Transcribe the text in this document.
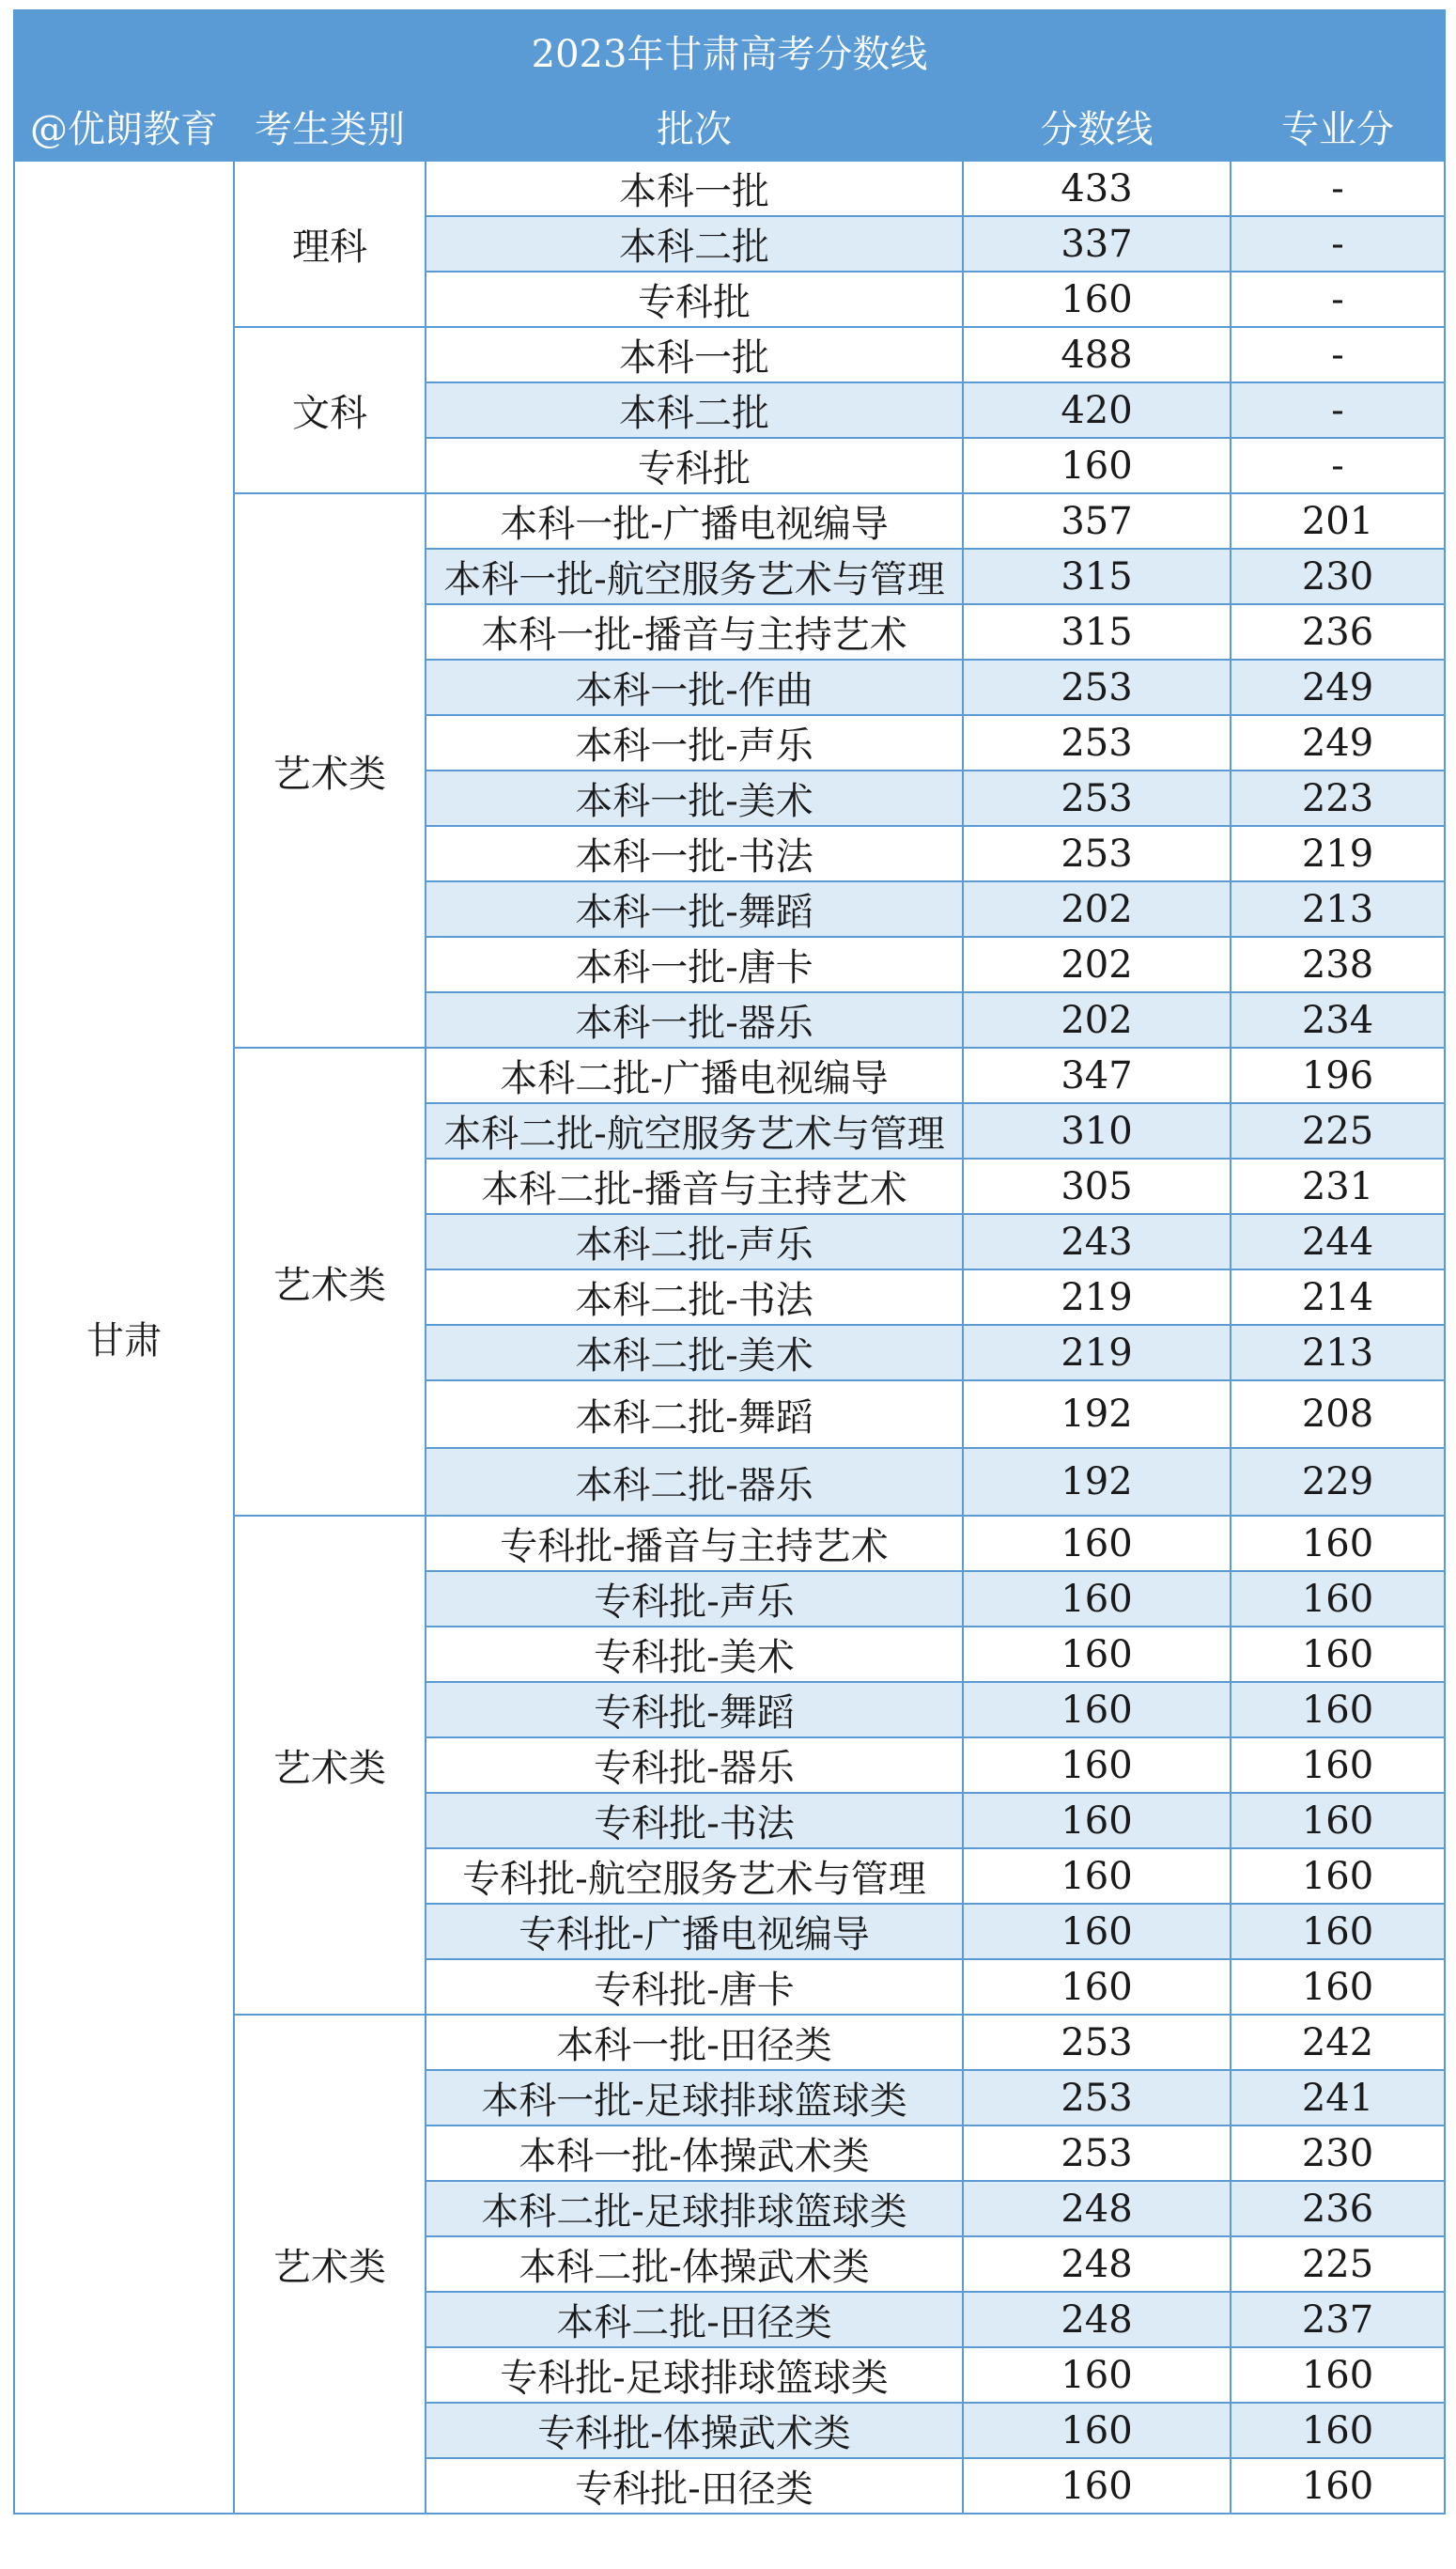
2023年甘肃高考分数线				
@优朗教育	考生类别	批次	分数线	专业分
甘肃	理科	本科一批	433	-
		本科二批	337	-
		专科批	160	-
	文科	本科一批	488	-
		本科二批	420	-
		专科批	160	-
	艺术类	本科一批-广播电视编导	357	201
		本科一批-航空服务艺术与管理	315	230
		本科一批-播音与主持艺术	315	236
		本科一批-作曲	253	249
		本科一批-声乐	253	249
		本科一批-美术	253	223
		本科一批-书法	253	219
		本科一批-舞蹈	202	213
		本科一批-唐卡	202	238
		本科一批-器乐	202	234
	艺术类	本科二批-广播电视编导	347	196
		本科二批-航空服务艺术与管理	310	225
		本科二批-播音与主持艺术	305	231
		本科二批-声乐	243	244
		本科二批-书法	219	214
		本科二批-美术	219	213
		本科二批-舞蹈	192	208
		本科二批-器乐	192	229
	艺术类	专科批-播音与主持艺术	160	160
		专科批-声乐	160	160
		专科批-美术	160	160
		专科批-舞蹈	160	160
		专科批-器乐	160	160
		专科批-书法	160	160
		专科批-航空服务艺术与管理	160	160
		专科批-广播电视编导	160	160
		专科批-唐卡	160	160
	艺术类	本科一批-田径类	253	242
		本科一批-足球排球篮球类	253	241
		本科一批-体操武术类	253	230
		本科二批-足球排球篮球类	248	236
		本科二批-体操武术类	248	225
		本科二批-田径类	248	237
		专科批-足球排球篮球类	160	160
		专科批-体操武术类	160	160
		专科批-田径类	160	160
